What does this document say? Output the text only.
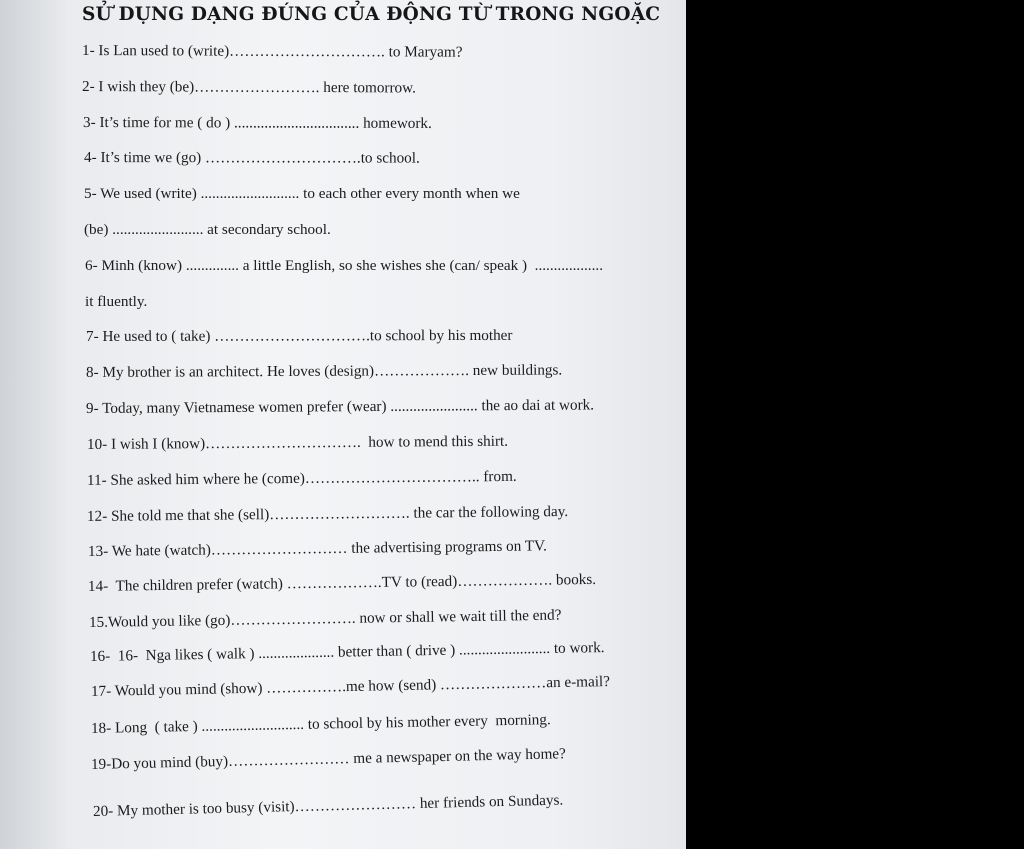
SỬ DỤNG DẠNG ĐÚNG CỦA ĐỘNG TỪ TRONG NGOẶC
1- Is Lan used to (write)…………………………. to Maryam?
2- I wish they (be)……………………. here tomorrow.
3- It’s time for me ( do ) ................................. homework.
4- It’s time we (go) ………………………….to school.
5- We used (write) .......................... to each other every month when we
(be) ........................ at secondary school.
6- Minh (know) .............. a little English, so she wishes she (can/ speak )  ..................
it fluently.
7- He used to ( take) ………………………….to school by his mother
8- My brother is an architect. He loves (design)………………. new buildings.
9- Today, many Vietnamese women prefer (wear) ....................... the ao dai at work.
10- I wish I (know)………………………….  how to mend this shirt.
11- She asked him where he (come)…………………………….. from.
12- She told me that she (sell)………………………. the car the following day.
13- We hate (watch)……………………… the advertising programs on TV.
14-  The children prefer (watch) ……………….TV to (read)………………. books.
15.Would you like (go)……………………. now or shall we wait till the end?
16-  16-  Nga likes ( walk ) .................... better than ( drive ) ........................ to work.
17- Would you mind (show) …………….me how (send) …………………an e-mail?
18- Long  ( take ) ........................... to school by his mother every  morning.
19-Do you mind (buy)…………………… me a newspaper on the way home?
20- My mother is too busy (visit)…………………… her friends on Sundays.
